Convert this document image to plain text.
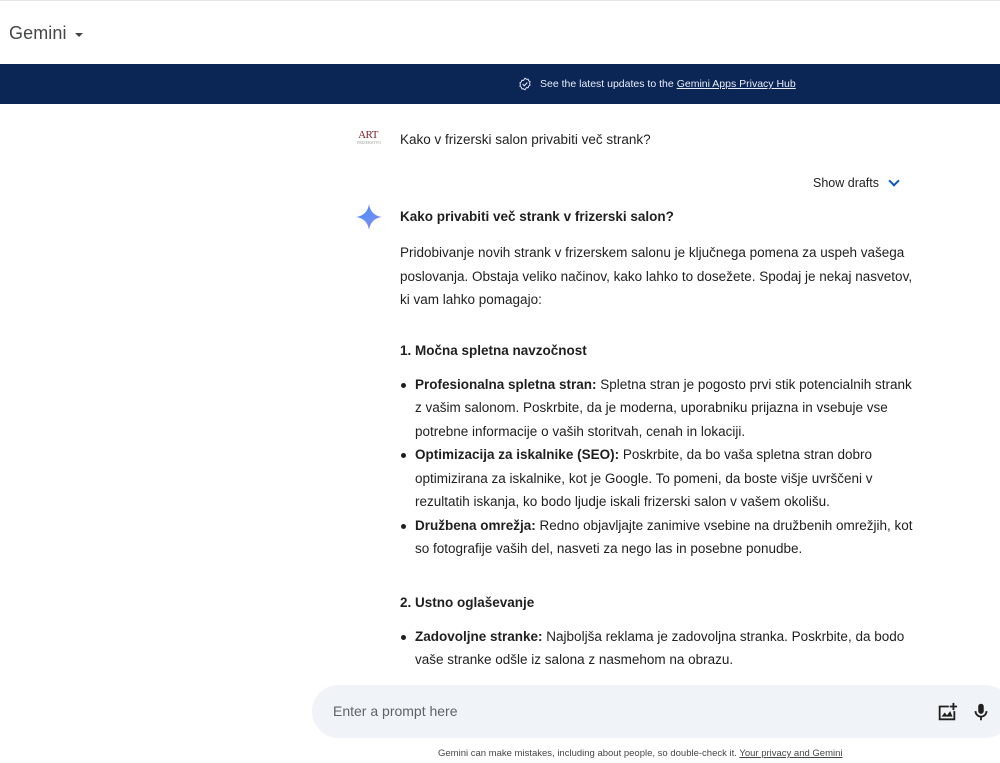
Gemini
See the latest updates to the Gemini Apps Privacy Hub
ART
FRIZERSTVO Kako v frizerski salon privabiti več strank?
Show drafts
Kako privabiti več strank v frizerski salon?

Pridobivanje novih strank v frizerskem salonu je ključnega pomena za uspeh vašega poslovanja. Obstaja veliko načinov, kako lahko to dosežete. Spodaj je nekaj nasvetov, ki vam lahko pomagajo:

1. Močna spletna navzočnost
Profesionalna spletna stran: Spletna stran je pogosto prvi stik potencialnih strank z vašim salonom. Poskrbite, da je moderna, uporabniku prijazna in vsebuje vse potrebne informacije o vaših storitvah, cenah in lokaciji.
Optimizacija za iskalnike (SEO): Poskrbite, da bo vaša spletna stran dobro optimizirana za iskalnike, kot je Google. To pomeni, da boste višje uvrščeni v rezultatih iskanja, ko bodo ljudje iskali frizerski salon v vašem okolišu.
Družbena omrežja: Redno objavljajte zanimive vsebine na družbenih omrežjih, kot so fotografije vaših del, nasveti za nego las in posebne ponudbe.
2. Ustno oglaševanje
Zadovoljne stranke: Najboljša reklama je zadovoljna stranka. Poskrbite, da bodo vaše stranke odšle iz salona z nasmehom na obrazu.
Enter a prompt here
Gemini can make mistakes, including about people, so double-check it. Your privacy and Gemini
